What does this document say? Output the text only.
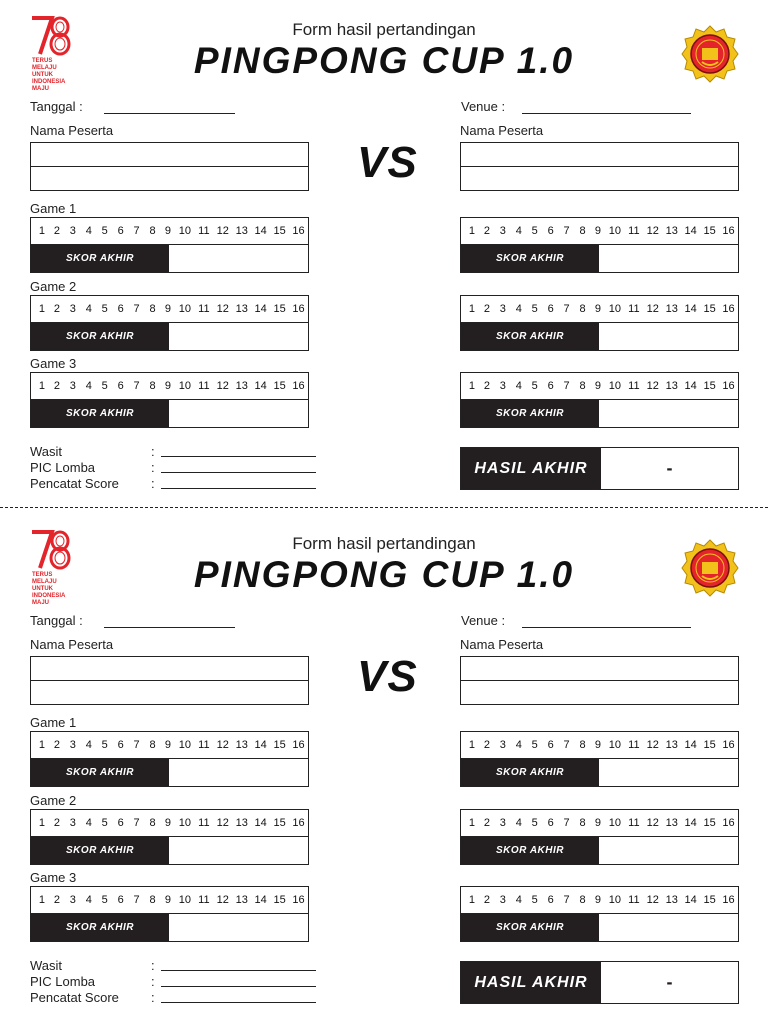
TERUS
MELAJU
UNTUK
INDONESIA
MAJU
Form hasil pertandingan
PINGPONG CUP 1.0
Tanggal :	Venue :
Nama Peserta	Nama Peserta
VS
Game 1
1 2 3 4 5 6 7 8 9 10 11 12 13 14 15 16
SKOR AKHIR
1 2 3 4 5 6 7 8 9 10 11 12 13 14 15 16
SKOR AKHIR
Game 2
1 2 3 4 5 6 7 8 9 10 11 12 13 14 15 16
SKOR AKHIR
1 2 3 4 5 6 7 8 9 10 11 12 13 14 15 16
SKOR AKHIR
Game 3
1 2 3 4 5 6 7 8 9 10 11 12 13 14 15 16
SKOR AKHIR
1 2 3 4 5 6 7 8 9 10 11 12 13 14 15 16
SKOR AKHIR
Wasit	:
PIC Lomba	:
Pencatat Score :
HASIL AKHIR	-
TERUS
MELAJU
UNTUK
INDONESIA
MAJU
Form hasil pertandingan
PINGPONG CUP 1.0
Tanggal :	Venue :
Nama Peserta	Nama Peserta
VS
Game 1
1 2 3 4 5 6 7 8 9 10 11 12 13 14 15 16
SKOR AKHIR
1 2 3 4 5 6 7 8 9 10 11 12 13 14 15 16
SKOR AKHIR
Game 2
1 2 3 4 5 6 7 8 9 10 11 12 13 14 15 16
SKOR AKHIR
1 2 3 4 5 6 7 8 9 10 11 12 13 14 15 16
SKOR AKHIR
Game 3
1 2 3 4 5 6 7 8 9 10 11 12 13 14 15 16
SKOR AKHIR
1 2 3 4 5 6 7 8 9 10 11 12 13 14 15 16
SKOR AKHIR
Wasit	:
PIC Lomba	:
Pencatat Score :
HASIL AKHIR	-
